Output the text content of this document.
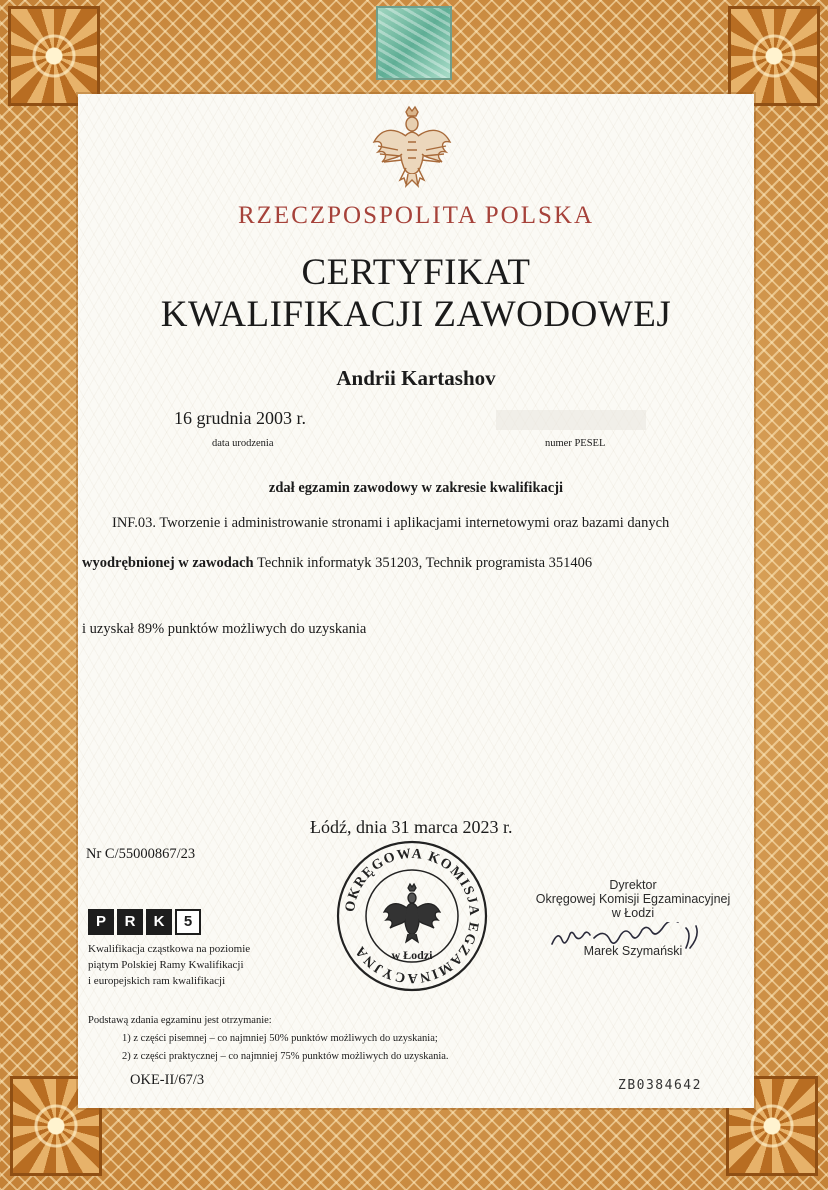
RZECZPOSPOLITA POLSKA
CERTYFIKAT
KWALIFIKACJI ZAWODOWEJ
Andrii Kartashov
16 grudnia 2003 r.
data urodzenia	numer PESEL
zdał egzamin zawodowy w zakresie kwalifikacji
INF.03. Tworzenie i administrowanie stronami i aplikacjami internetowymi oraz bazami danych
wyodrębnionej w zawodach Technik informatyk 351203, Technik programista 351406
i uzyskał 89% punktów możliwych do uzyskania
Łódź, dnia 31 marca 2023 r.
Nr C/55000867/23
P	R	K	5
Kwalifikacja cząstkowa na poziomie
piątym Polskiej Ramy Kwalifikacji
i europejskich ram kwalifikacji
OKRĘGOWA KOMISJA EGZAMINACYJNA	w Łodzi
Dyrektor
Okręgowej Komisji Egzaminacyjnej
w Łodzi
Marek Szymański
Podstawą zdania egzaminu jest otrzymanie:
1) z części pisemnej – co najmniej 50% punktów możliwych do uzyskania;
2) z części praktycznej – co najmniej 75% punktów możliwych do uzyskania.
OKE-II/67/3	ZB0384642
